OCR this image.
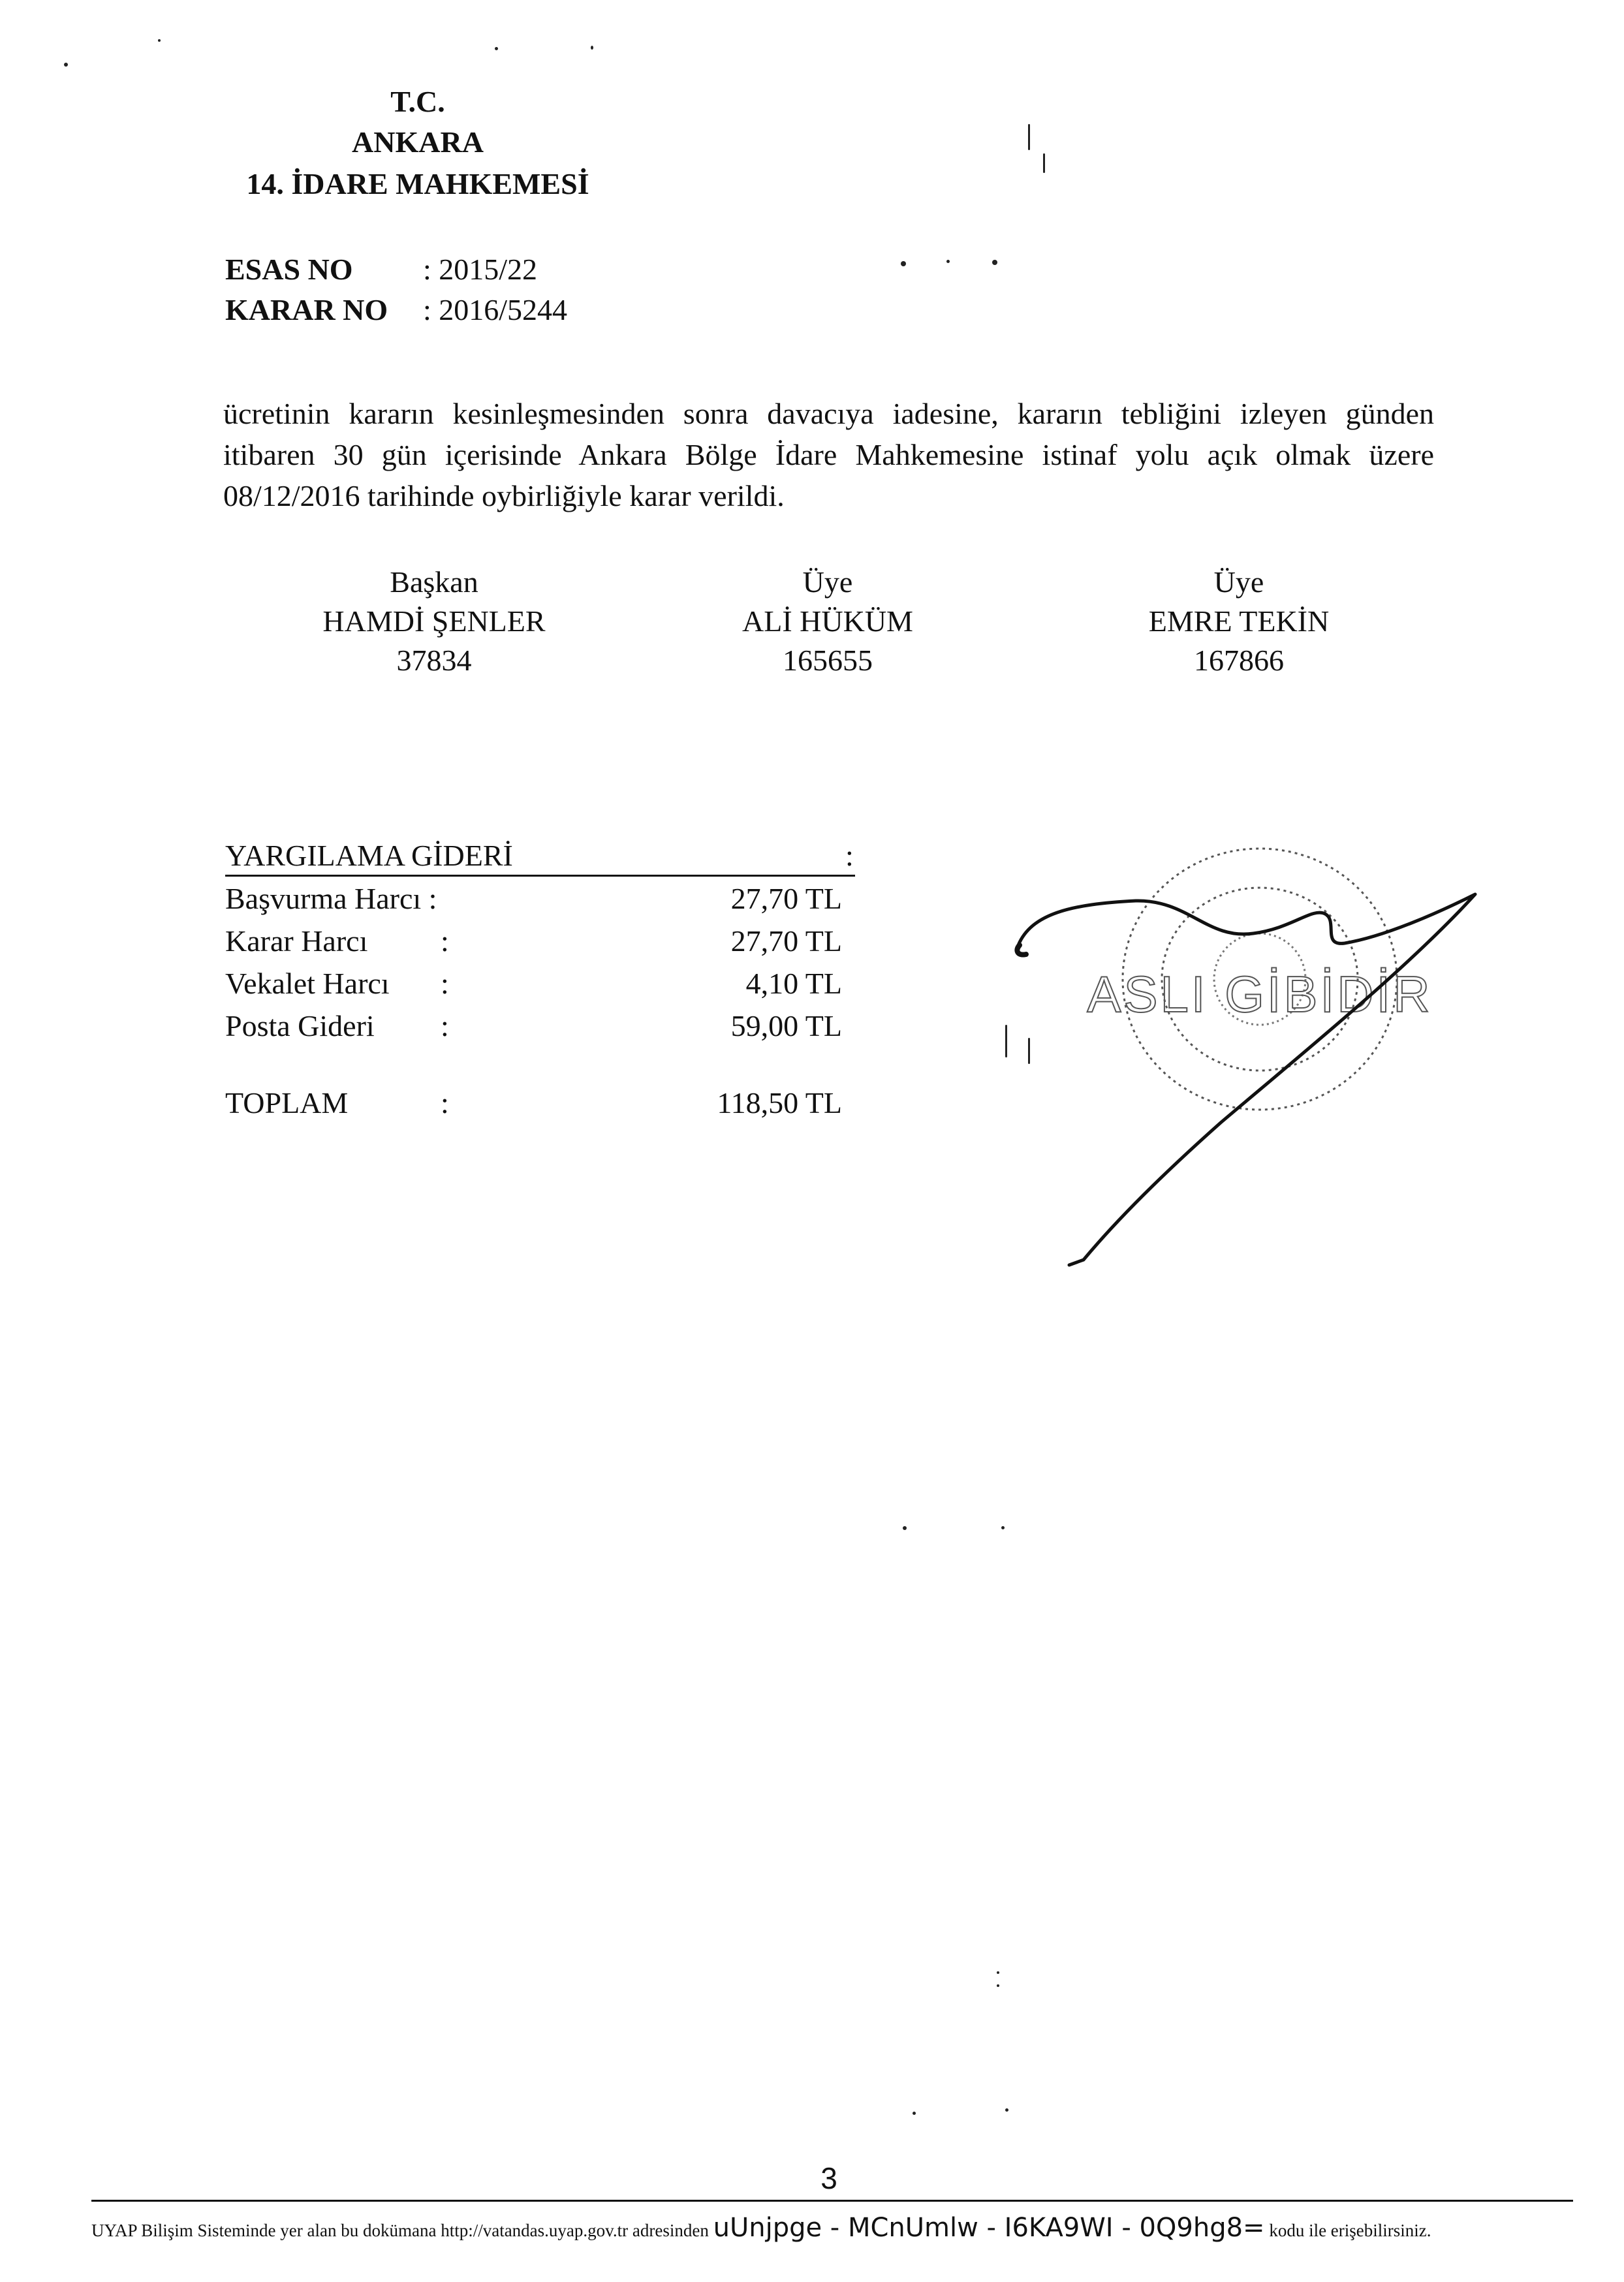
T.C.
ANKARA
14. İDARE MAHKEMESİ
ESAS NO : 2015/22
KARAR NO : 2016/5244
ücretinin kararın kesinleşmesinden sonra davacıya iadesine, kararın tebliğini izleyen günden
itibaren 30 gün içerisinde Ankara Bölge İdare Mahkemesine istinaf yolu açık olmak üzere
08/12/2016 tarihinde oybirliğiyle karar verildi.
Başkan
HAMDİ ŞENLER
37834
Üye
ALİ HÜKÜM
165655
Üye
EMRE TEKİN
167866
YARGILAMA GİDERİ	:
Başvurma Harcı :	27,70 TL
Karar Harcı :	27,70 TL
Vekalet Harcı :	4,10 TL
Posta Gideri :	59,00 TL
TOPLAM	:	118,50 TL
ASLI GİBİDİR
3
UYAP Bilişim Sisteminde yer alan bu dokümana http://vatandas.uyap.gov.tr adresinden uUnjpge - MCnUmlw - I6KA9WI - 0Q9hg8= kodu ile erişebilirsiniz.
